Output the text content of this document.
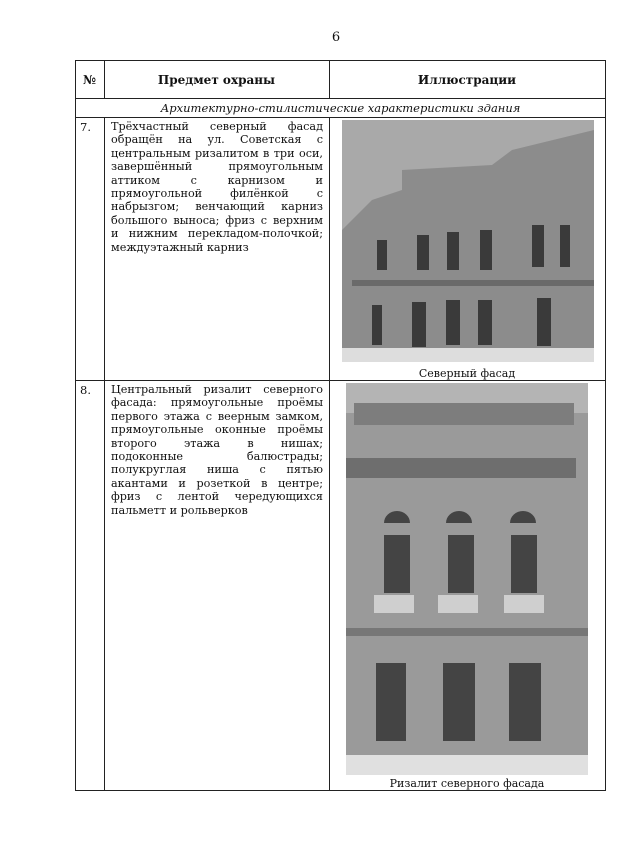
6
№	Предмет охраны	Иллюстрации
Архитектурно-стилистические характеристики здания
7. Трёхчастный северный фасад обращён на ул. Советская с центральным ризалитом в три оси, завершённый прямоугольным аттиком с карнизом и прямоугольной филёнкой с набрызгом; венчающий карниз большого выноса; фриз с верхним и нижним перекладом-полочкой; междуэтажный карниз
Северный фасад
8. Центральный ризалит северного фасада: прямоугольные проёмы первого этажа с веерным замком, прямоугольные оконные проёмы второго этажа в нишах; подоконные балюстрады; полукруглая ниша с пятью акантами и розеткой в центре; фриз с лентой чередующихся пальметт и рольверков
Ризалит северного фасада
